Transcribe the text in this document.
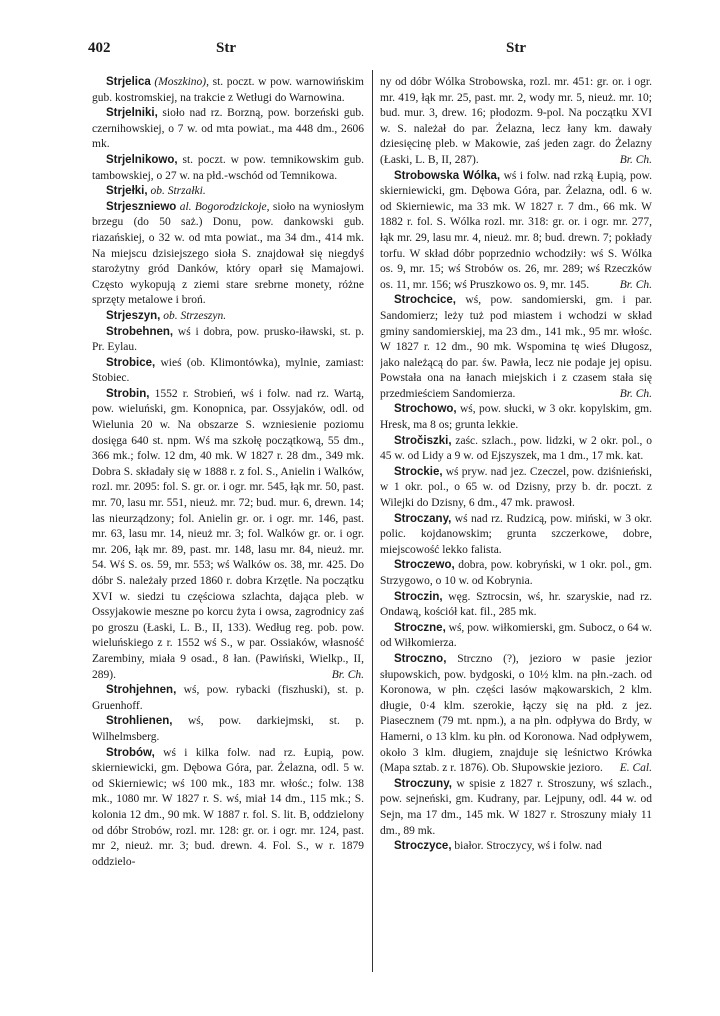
402	Str	Str

Strjelica (Moszkino), st. poczt. w pow. warnowińskim gub. kostromskiej, na trakcie z Wetługi do Warnowina.

Strjelniki, sioło nad rz. Borzną, pow. borzeński gub. czernihowskiej, o 7 w. od mta powiat., ma 448 dm., 2606 mk.

Strjelnikowo, st. poczt. w pow. temnikowskim gub. tambowskiej, o 27 w. na płd.-wschód od Temnikowa.

Strjełki, ob. Strzałki.

Strjeszniewo al. Bogorodzickoje, sioło na wyniosłym brzegu (do 50 saż.) Donu, pow. dankowski gub. riazańskiej, o 32 w. od mta powiat., ma 34 dm., 414 mk. Na miejscu dzisiejszego sioła S. znajdował się niegdyś starożytny gród Danków, który oparł się Mamajowi. Często wykopują z ziemi stare srebrne monety, różne sprzęty metalowe i broń.

Strjeszyn, ob. Strzeszyn.

Strobehnen, wś i dobra, pow. prusko-iławski, st. p. Pr. Eylau.

Strobice, wieś (ob. Klimontówka), mylnie, zamiast: Stobiec.

Strobin, 1552 r. Strobień, wś i folw. nad rz. Wartą, pow. wieluński, gm. Konopnica, par. Ossyjaków, odl. od Wielunia 20 w. Na obszarze S. wzniesienie poziomu dosięga 640 st. npm. Wś ma szkołę początkową, 55 dm., 366 mk.; folw. 12 dm, 40 mk. W 1827 r. 28 dm., 349 mk. Dobra S. składały się w 1888 r. z fol. S., Anielin i Walków, rozl. mr. 2095: fol. S. gr. or. i ogr. mr. 545, łąk mr. 50, past. mr. 70, lasu mr. 551, nieuż. mr. 72; bud. mur. 6, drewn. 14; las nieurządzony; fol. Anielin gr. or. i ogr. mr. 146, past. mr. 63, lasu mr. 14, nieuż mr. 3; fol. Walków gr. or. i ogr. mr. 206, łąk mr. 89, past. mr. 148, lasu mr. 84, nieuż. mr. 54. Wś S. os. 59, mr. 553; wś Walków os. 38, mr. 425. Do dóbr S. należały przed 1860 r. dobra Krzętle. Na początku XVI w. siedzi tu częściowa szlachta, dająca pleb. w Ossyjakowie meszne po korcu żyta i owsa, zagrodnicy zaś po groszu (Łaski, L. B., II, 133). Według reg. pob. pow. wieluńskiego z r. 1552 wś S., w par. Ossiaków, własność Zarembiny, miała 9 osad., 8 łan. (Pawiński, Wielkp., II, 289).	Br. Ch.

Strohjehnen, wś, pow. rybacki (fiszhuski), st. p. Gruenhoff.

Strohlienen, wś, pow. darkiejmski, st. p. Wilhelmsberg.

Strobów, wś i kilka folw. nad rz. Łupią, pow. skierniewicki, gm. Dębowa Góra, par. Żelazna, odl. 5 w. od Skierniewic; wś 100 mk., 183 mr. włośc.; folw. 138 mk., 1080 mr. W 1827 r. S. wś, miał 14 dm., 115 mk.; S. kolonia 12 dm., 90 mk. W 1887 r. fol. S. lit. B, oddzielony od dóbr Strobów, rozl. mr. 128: gr. or. i ogr. mr. 124, past. mr 2, nieuż. mr. 3; bud. drewn. 4. Fol. S., w r. 1879 oddzielo-

ny od dóbr Wólka Strobowska, rozl. mr. 451: gr. or. i ogr. mr. 419, łąk mr. 25, past. mr. 2, wody mr. 5, nieuż. mr. 10; bud. mur. 3, drew. 16; płodozm. 9-pol. Na początku XVI w. S. należał do par. Żelazna, lecz łany km. dawały dziesięcinę pleb. w Makowie, zaś jeden zagr. do Żelazny (Łaski, L. B, II, 287).	Br. Ch.

Strobowska Wólka, wś i folw. nad rzką Łupią, pow. skierniewicki, gm. Dębowa Góra, par. Żelazna, odl. 6 w. od Skierniewic, ma 33 mk. W 1827 r. 7 dm., 66 mk. W 1882 r. fol. S. Wólka rozl. mr. 318: gr. or. i ogr. mr. 277, łąk mr. 29, lasu mr. 4, nieuż. mr. 8; bud. drewn. 7; pokłady torfu. W skład dóbr poprzednio wchodziły: wś S. Wólka os. 9, mr. 15; wś Strobów os. 26, mr. 289; wś Rzeczków os. 11, mr. 156; wś Pruszkowo os. 9, mr. 145.	Br. Ch.

Strochcice, wś, pow. sandomierski, gm. i par. Sandomierz; leży tuż pod miastem i wchodzi w skład gminy sandomierskiej, ma 23 dm., 141 mk., 95 mr. włośc. W 1827 r. 12 dm., 90 mk. Wspomina tę wieś Długosz, jako należącą do par. św. Pawła, lecz nie podaje jej opisu. Powstała ona na łanach miejskich i z czasem stała się przedmieściem Sandomierza.	Br. Ch.

Strochowo, wś, pow. słucki, w 3 okr. kopylskim, gm. Hresk, ma 8 os; grunta lekkie.

Stročiszki, zaśc. szlach., pow. lidzki, w 2 okr. pol., o 45 w. od Lidy a 9 w. od Ejszyszek, ma 1 dm., 17 mk. kat.

Strockie, wś pryw. nad jez. Czeczel, pow. dziśnieński, w 1 okr. pol., o 65 w. od Dzisny, przy b. dr. poczt. z Wilejki do Dzisny, 6 dm., 47 mk. prawosł.

Stroczany, wś nad rz. Rudzicą, pow. miński, w 3 okr. polic. kojdanowskim; grunta szczerkowe, dobre, miejscowość lekko falista.

Stroczewo, dobra, pow. kobryński, w 1 okr. pol., gm. Strzygowo, o 10 w. od Kobrynia.

Stroczin, węg. Sztrocsin, wś, hr. szaryskie, nad rz. Ondawą, kościół kat. fil., 285 mk.

Stroczne, wś, pow. wiłkomierski, gm. Subocz, o 64 w. od Wiłkomierza.

Stroczno, Strczno (?), jezioro w pasie jezior słupowskich, pow. bydgoski, o 10½ klm. na płn.-zach. od Koronowa, w płn. części lasów mąkowarskich, 2 klm. długie, 0·4 klm. szerokie, łączy się na płd. z jez. Piasecznem (79 mt. npm.), a na płn. odpływa do Brdy, w Hamerni, o 13 klm. ku płn. od Koronowa. Nad odpływem, około 3 klm. długiem, znajduje się leśnictwo Krówka (Mapa sztab. z r. 1876). Ob. Słupowskie jezioro.	E. Cal.

Stroczuny, w spisie z 1827 r. Stroszuny, wś szlach., pow. sejneński, gm. Kudrany, par. Lejpuny, odl. 44 w. od Sejn, ma 17 dm., 145 mk. W 1827 r. Stroszuny miały 11 dm., 89 mk.

Stroczyce, białor. Stroczycy, wś i folw. nad
